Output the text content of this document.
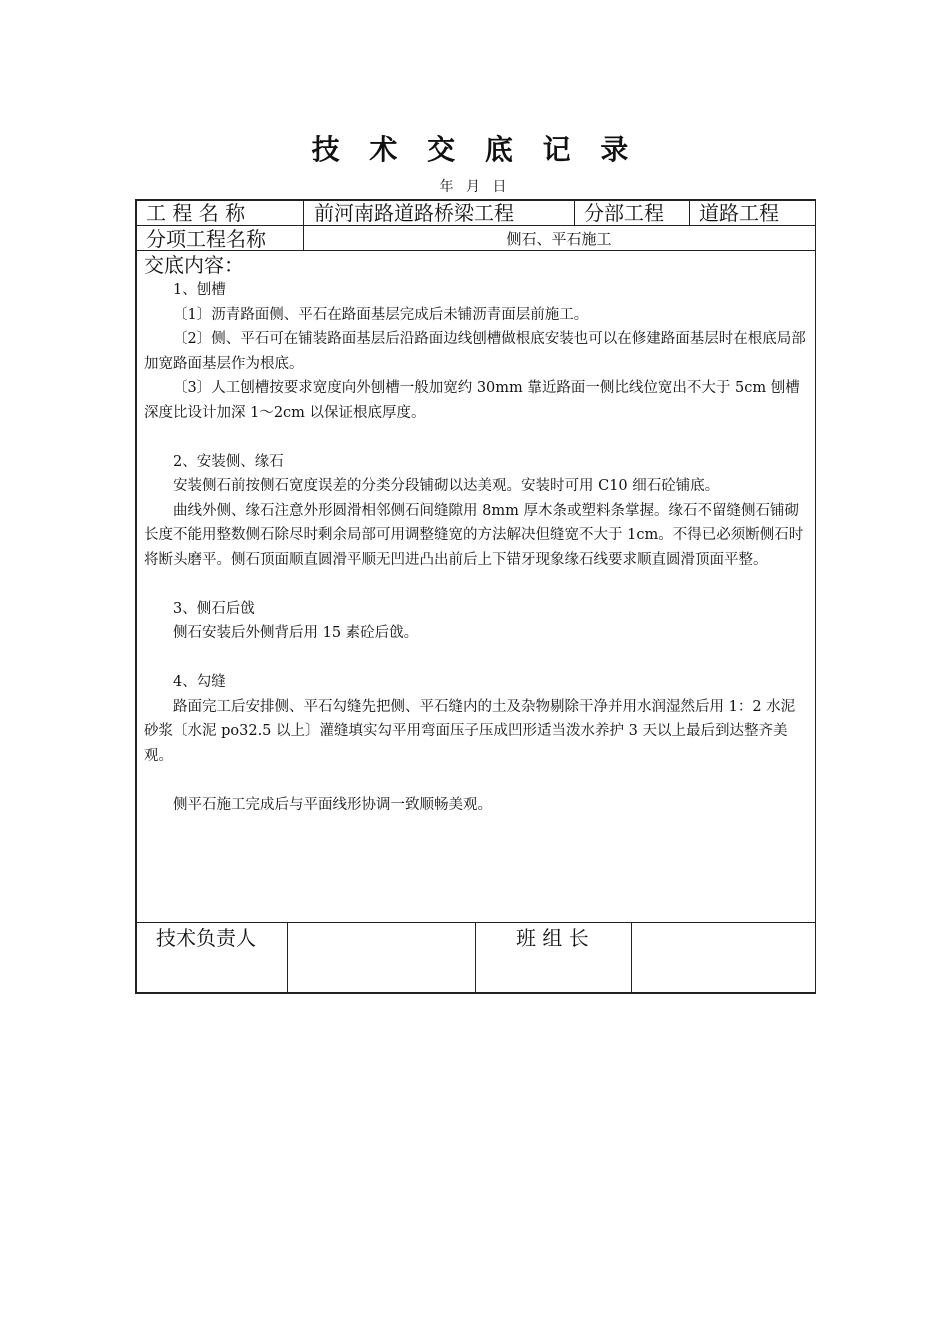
技 术 交 底 记 录
年 月 日
工 程 名 称	前河南路道路桥梁工程	分部工程 道路工程
分项工程名称	侧石、平石施工
交底内容：

1、刨槽

〔1〕沥青路面侧、平石在路面基层完成后未铺沥青面层前施工。

〔2〕侧、平石可在铺装路面基层后沿路面边线刨槽做根底安装也可以在修建路面基层时在根底局部加宽路面基层作为根底。

〔3〕人工刨槽按要求宽度向外刨槽一般加宽约 30mm 靠近路面一侧比线位宽出不大于 5cm 刨槽深度比设计加深 1～2cm 以保证根底厚度。

2、安装侧、缘石

安装侧石前按侧石宽度误差的分类分段铺砌以达美观。安装时可用 C10 细石砼铺底。

曲线外侧、缘石注意外形圆滑相邻侧石间缝隙用 8mm 厚木条或塑料条掌握。缘石不留缝侧石铺砌长度不能用整数侧石除尽时剩余局部可用调整缝宽的方法解决但缝宽不大于 1cm。不得已必须断侧石时将断头磨平。侧石顶面顺直圆滑平顺无凹进凸出前后上下错牙现象缘石线要求顺直圆滑顶面平整。

3、侧石后戗

侧石安装后外侧背后用 15 素砼后戗。

4、勾缝

路面完工后安排侧、平石勾缝先把侧、平石缝内的土及杂物剔除干净并用水润湿然后用 1：2 水泥砂浆〔水泥 po32.5 以上〕灌缝填实勾平用弯面压子压成凹形适当泼水养护 3 天以上最后到达整齐美观。

侧平石施工完成后与平面线形协调一致顺畅美观。

技术负责人	班 组 长
